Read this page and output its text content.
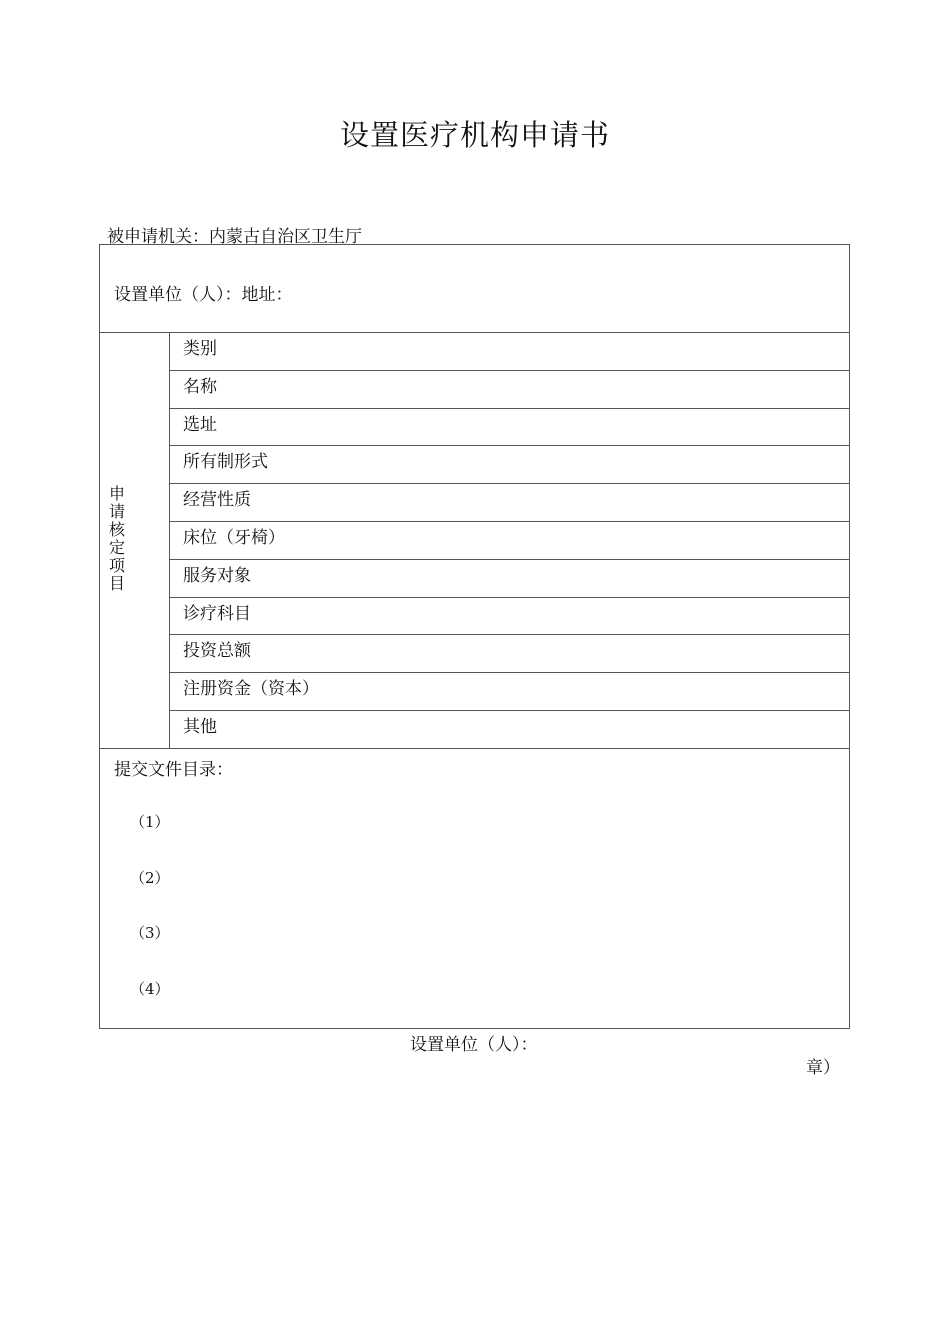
设置医疗机构申请书
被申请机关：内蒙古自治区卫生厅
设置单位（人）：地址：
申请核定项目
类别
名称
选址
所有制形式
经营性质
床位（牙椅）
服务对象
诊疗科目
投资总额
注册资金（资本）
其他
提交文件目录：
（1）
（2）
（3）
（4）
设置单位（人）：
章）
